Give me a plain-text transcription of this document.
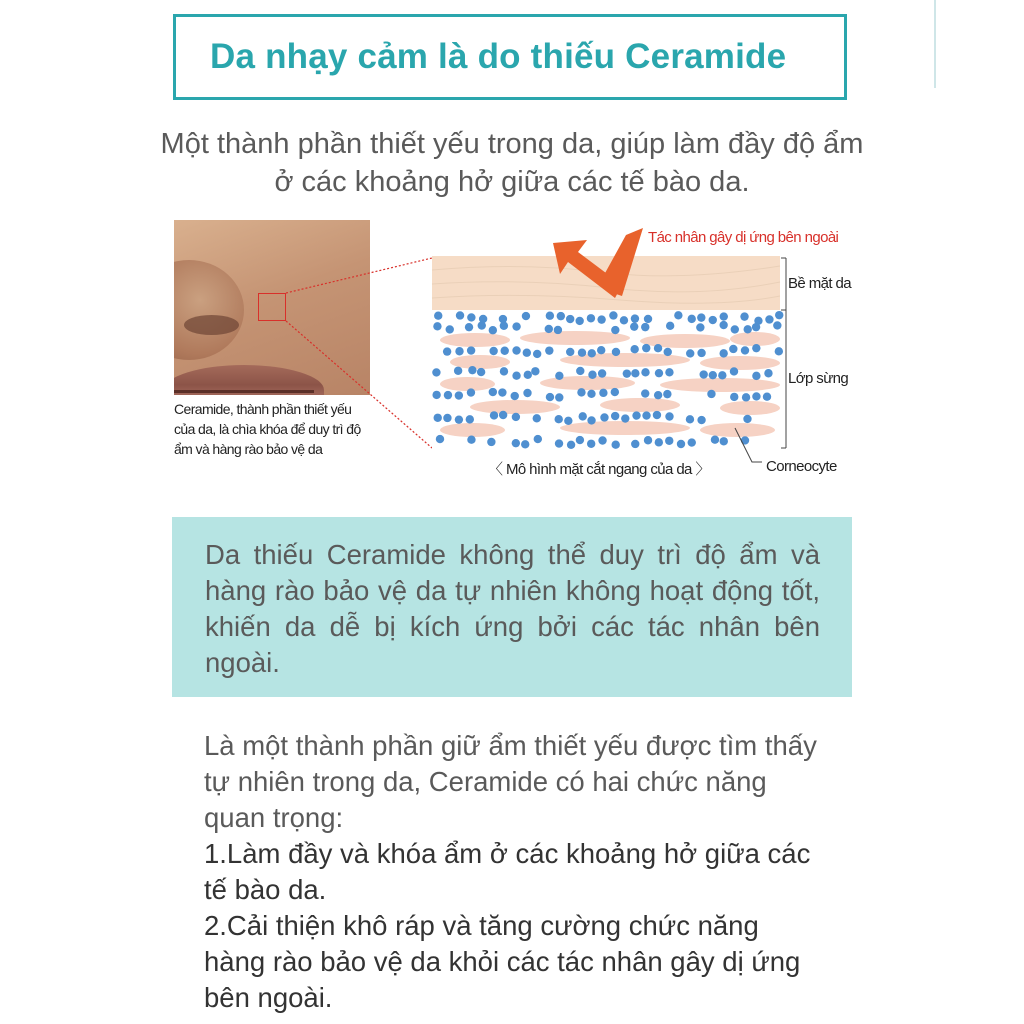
Da nhạy cảm là do thiếu Ceramide

Một thành phần thiết yếu trong da, giúp làm đầy độ ẩm ở các khoảng hở giữa các tế bào da.

Ceramide, thành phần thiết yếu của da, là chìa khóa để duy trì độ ẩm và hàng rào bảo vệ da

Tác nhân gây dị ứng bên ngoài
Bề mặt da
Lớp sừng
Corneocyte
〈 Mô hình mặt cắt ngang của da 〉

Da thiếu Ceramide không thể duy trì độ ẩm và hàng rào bảo vệ da tự nhiên không hoạt động tốt, khiến da dễ bị kích ứng bởi các tác nhân bên ngoài.

Là một thành phần giữ ẩm thiết yếu được tìm thấy tự nhiên trong da, Ceramide có hai chức năng quan trọng:
1.Làm đầy và khóa ẩm ở các khoảng hở giữa các tế bào da.
2.Cải thiện khô ráp và tăng cường chức năng hàng rào bảo vệ da khỏi các tác nhân gây dị ứng bên ngoài.
